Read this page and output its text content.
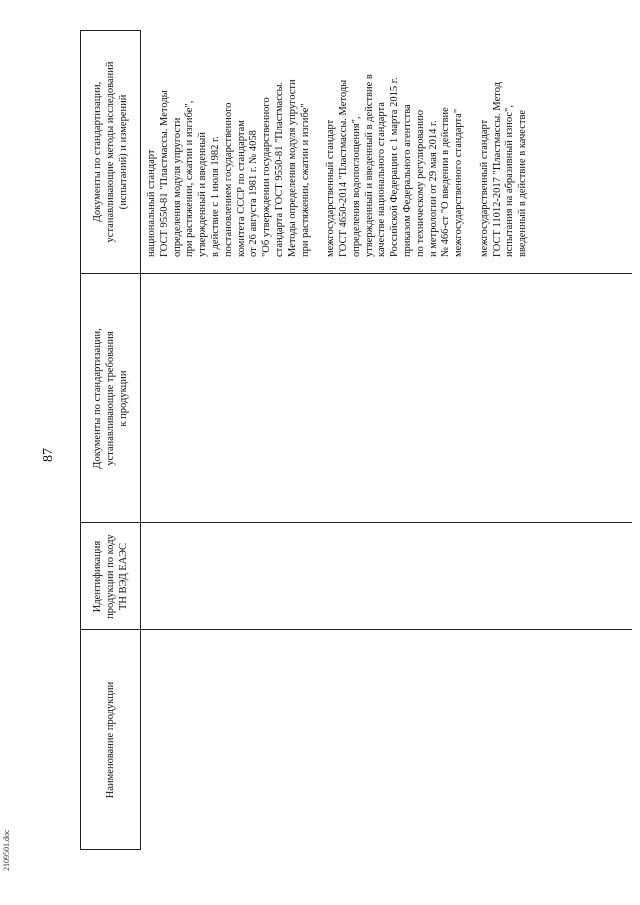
87
2109501.doc
Наименование продукции
Идентификация продукции по коду ТН ВЭД ЕАЭС
Документы по стандартизации, устанавливающие требования к продукции
Документы по стандартизации, устанавливающие методы исследований (испытаний) и измерений национальный стандарт ГОСТ 9550-81 "Пластмассы. Методы определения модуля упругости при растяжении, сжатии и изгибе", утвержденный и введенный в действие с 1 июля 1982 г. постановлением государственного комитета СССР по стандартам от 26 августа 1981 г. № 4058 "Об утверждении государственного стандарта ГОСТ 9550-81 "Пластмассы. Методы определения модуля упругости при растяжении, сжатии и изгибе" межгосударственный стандарт ГОСТ 4650-2014 "Пластмассы. Методы определения водопоглощения", утвержденный и введенный в действие в качестве национального стандарта Российской Федерации с 1 марта 2015 г. приказом Федерального агентства по техническому регулированию и метрологии от 29 мая 2014 г. № 466-ст "О введении в действие межгосударственного стандарта" межгосударственный стандарт ГОСТ 11012-2017 "Пластмассы. Метод испытания на абразивный износ", введенный в действие в качестве
